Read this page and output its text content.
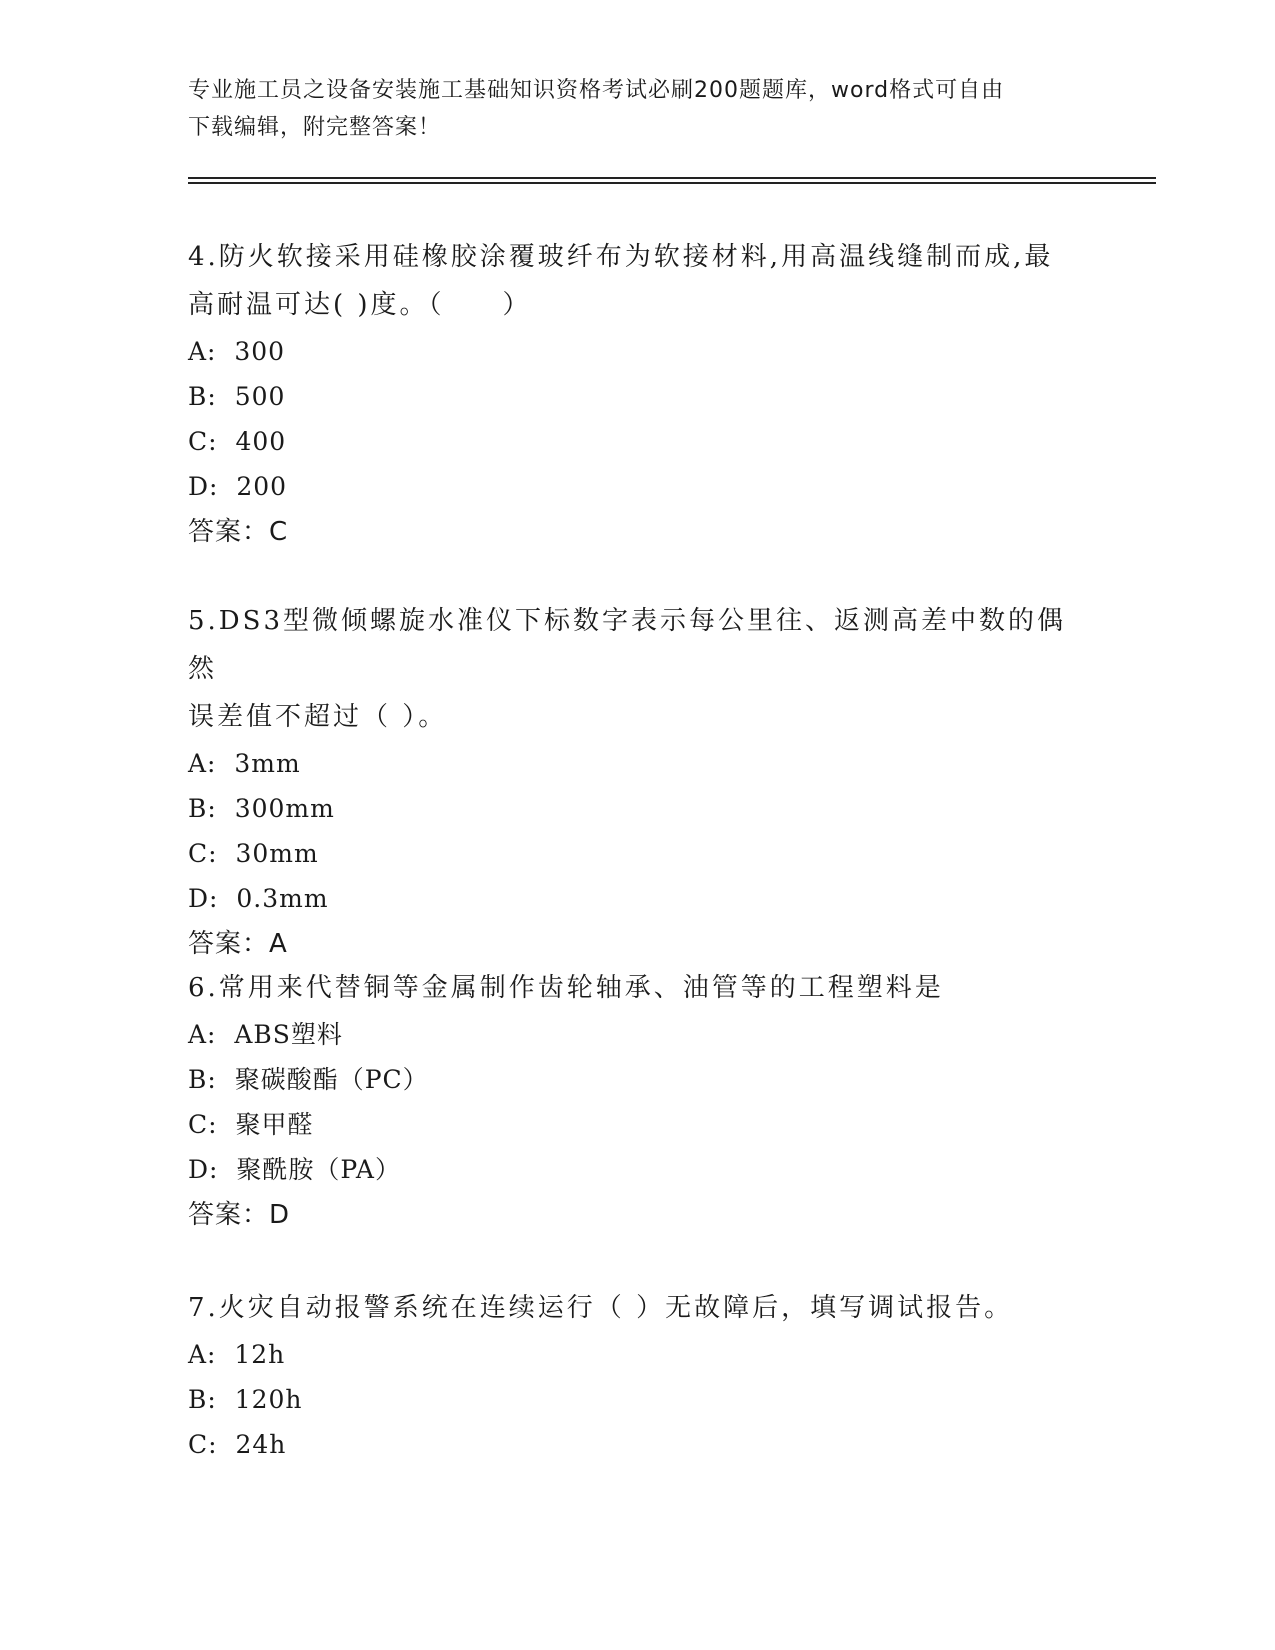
专业施工员之设备安装施工基础知识资格考试必刷200题题库，word格式可自由
下载编辑，附完整答案！

4.防火软接采用硅橡胶涂覆玻纤布为软接材料,用高温线缝制而成,最
高耐温可达( )度。（　　）

A:  300
B:  500
C:  400
D:  200
答案：C

5.DS3型微倾螺旋水准仪下标数字表示每公里往、返测高差中数的偶然
误差值不超过（ ）。

A:  3mm
B:  300mm
C:  30mm
D:  0.3mm
答案：A

6.常用来代替铜等金属制作齿轮轴承、油管等的工程塑料是

A:  ABS塑料
B:  聚碳酸酯（PC）
C:  聚甲醛
D:  聚酰胺（PA）
答案：D

7.火灾自动报警系统在连续运行（ ）无故障后，填写调试报告。

A:  12h
B:  120h
C:  24h
